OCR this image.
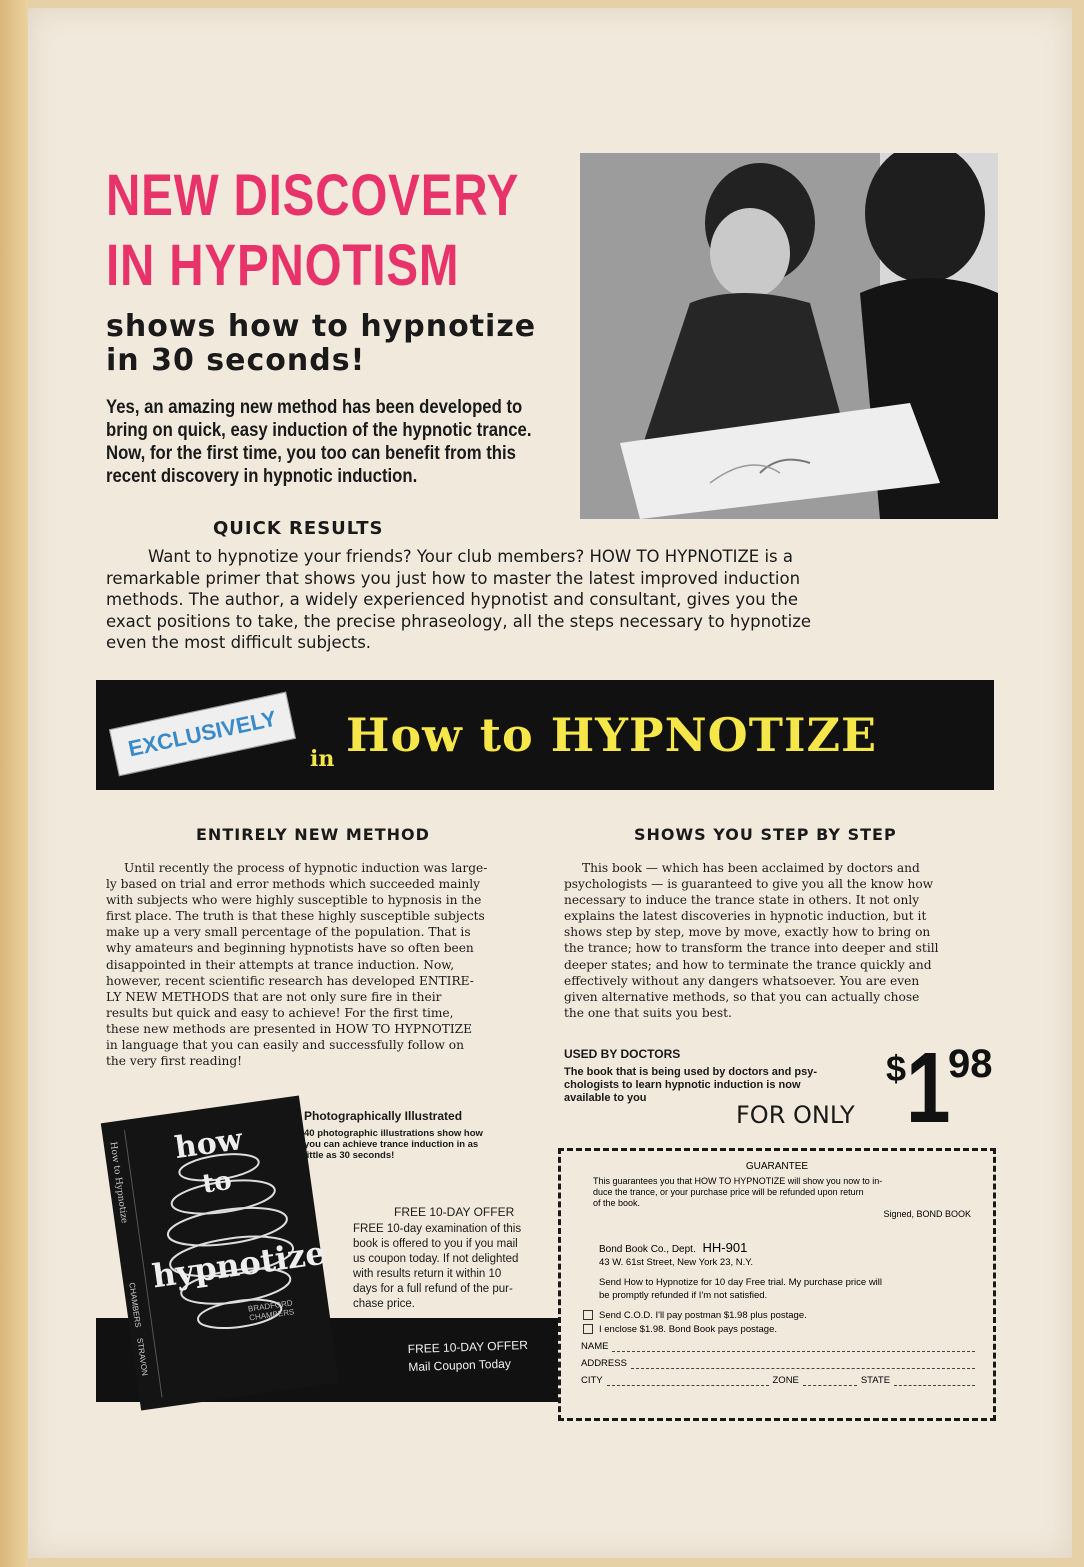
NEW DISCOVERY
IN HYPNOTISM
shows how to hypnotize
in 30 seconds!
Yes, an amazing new method has been developed to
bring on quick, easy induction of the hypnotic trance.
Now, for the first time, you too can benefit from this
recent discovery in hypnotic induction.
QUICK RESULTS
Want to hypnotize your friends? Your club members? HOW TO HYPNOTIZE is a
remarkable primer that shows you just how to master the latest improved induction
methods. The author, a widely experienced hypnotist and consultant, gives you the
exact positions to take, the precise phraseology, all the steps necessary to hypnotize
even the most difficult subjects.
EXCLUSIVELY	in How to HYPNOTIZE
ENTIRELY NEW METHOD
Until recently the process of hypnotic induction was large-
ly based on trial and error methods which succeeded mainly
with subjects who were highly susceptible to hypnosis in the
first place. The truth is that these highly susceptible subjects
make up a very small percentage of the population. That is
why amateurs and beginning hypnotists have so often been
disappointed in their attempts at trance induction. Now,
however, recent scientific research has developed ENTIRE-
LY NEW METHODS that are not only sure fire in their
results but quick and easy to achieve! For the first time,
these new methods are presented in HOW TO HYPNOTIZE
in language that you can easily and successfully follow on
the very first reading!
SHOWS YOU STEP BY STEP
This book — which has been acclaimed by doctors and
psychologists — is guaranteed to give you all the know how
necessary to induce the trance state in others. It not only
explains the latest discoveries in hypnotic induction, but it
shows step by step, move by move, exactly how to bring on
the trance; how to transform the trance into deeper and still
deeper states; and how to terminate the trance quickly and
effectively without any dangers whatsoever. You are even
given alternative methods, so that you can actually chose
the one that suits you best.
USED BY DOCTORS
The book that is being used by doctors and psy-
chologists to learn hypnotic induction is now
available to you
FOR ONLY
$ 1
98
FREE 10-DAY OFFER
Mail Coupon Today
How to Hypnotize
CHAMBERS
STRAVON
how
to
hypnotize
BRADFORD CHAMBERS
Photographically Illustrated
40 photographic illustrations show how
you can achieve trance induction in as
little as 30 seconds!
FREE 10-DAY OFFER
FREE 10-day examination of this
book is offered to you if you mail
us coupon today. If not delighted
with results return it within 10
days for a full refund of the pur-
chase price.
GUARANTEE
This guarantees you that HOW TO HYPNOTIZE will show you now to in-
duce the trance, or your purchase price will be refunded upon return
of the book.
Signed, BOND BOOK
Bond Book Co., Dept. HH-901
43 W. 61st Street, New York 23, N.Y.
Send How to Hypnotize for 10 day Free trial. My purchase price will
be promptly refunded if I'm not satisfied.
Send C.O.D. I'll pay postman $1.98 plus postage.
I enclose $1.98. Bond Book pays postage.
NAME
ADDRESS
CITY	ZONE	STATE
